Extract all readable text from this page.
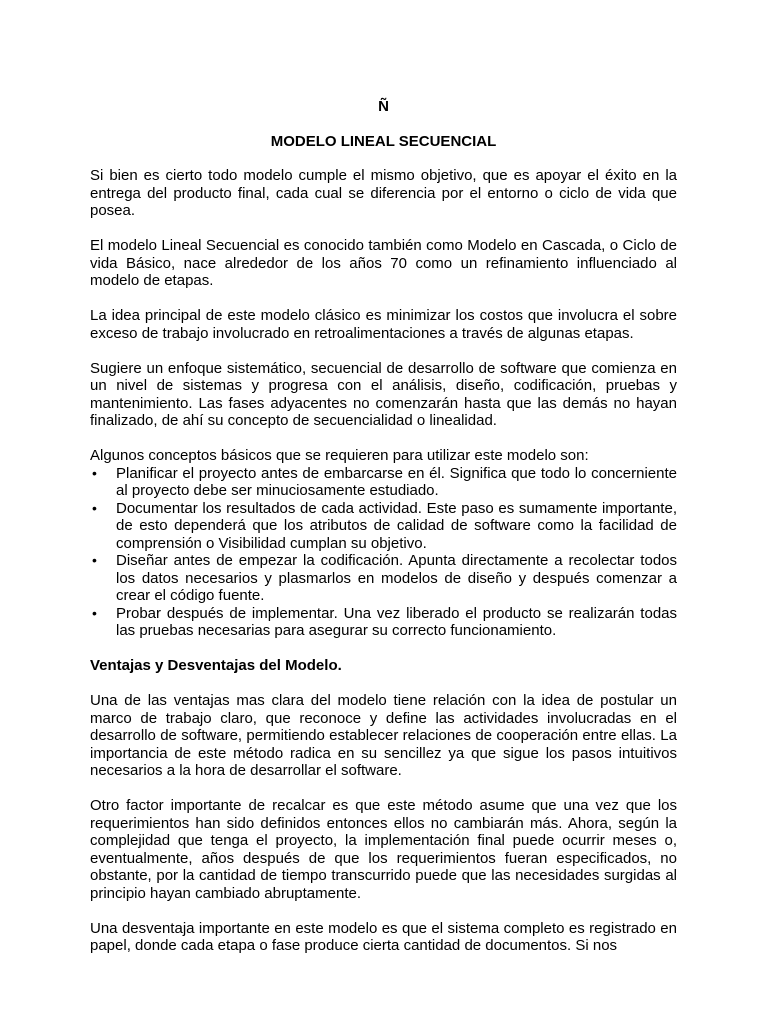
Ñ
MODELO LINEAL SECUENCIAL

Si bien es cierto todo modelo cumple el mismo objetivo, que es apoyar el éxito en la entrega del producto final, cada cual se diferencia por el entorno o ciclo de vida que posea.

El modelo Lineal Secuencial es conocido también como Modelo en Cascada, o Ciclo de vida Básico, nace alrededor de los años 70 como un refinamiento influenciado al modelo de etapas.

La idea principal de este modelo clásico es minimizar los costos que involucra el sobre exceso de trabajo involucrado en retroalimentaciones a través de algunas etapas.

Sugiere un enfoque sistemático, secuencial de desarrollo de software que comienza en un nivel de sistemas y progresa con el análisis, diseño, codificación, pruebas y mantenimiento. Las fases adyacentes no comenzarán hasta que las demás no hayan finalizado, de ahí su concepto de secuencialidad o linealidad.

Algunos conceptos básicos que se requieren para utilizar este modelo son:

• Planificar el proyecto antes de embarcarse en él. Significa que todo lo concerniente al proyecto debe ser minuciosamente estudiado.
• Documentar los resultados de cada actividad. Este paso es sumamente importante, de esto dependerá que los atributos de calidad de software como la facilidad de comprensión o Visibilidad cumplan su objetivo.
• Diseñar antes de empezar la codificación. Apunta directamente a recolectar todos los datos necesarios y plasmarlos en modelos de diseño y después comenzar a crear el código fuente.
• Probar después de implementar. Una vez liberado el producto se realizarán todas las pruebas necesarias para asegurar su correcto funcionamiento.
Ventajas y Desventajas del Modelo.

Una de las ventajas mas clara del modelo tiene relación con la idea de postular un marco de trabajo claro, que reconoce y define las actividades involucradas en el desarrollo de software, permitiendo establecer relaciones de cooperación entre ellas. La importancia de este método radica en su sencillez ya que sigue los pasos intuitivos necesarios a la hora de desarrollar el software.

Otro factor importante de recalcar es que este método asume que una vez que los requerimientos han sido definidos entonces ellos no cambiarán más. Ahora, según la complejidad que tenga el proyecto, la implementación final puede ocurrir meses o, eventualmente, años después de que los requerimientos fueran especificados, no obstante, por la cantidad de tiempo transcurrido puede que las necesidades surgidas al principio hayan cambiado abruptamente.

Una desventaja importante en este modelo es que el sistema completo es registrado en papel, donde cada etapa o fase produce cierta cantidad de documentos. Si nos
